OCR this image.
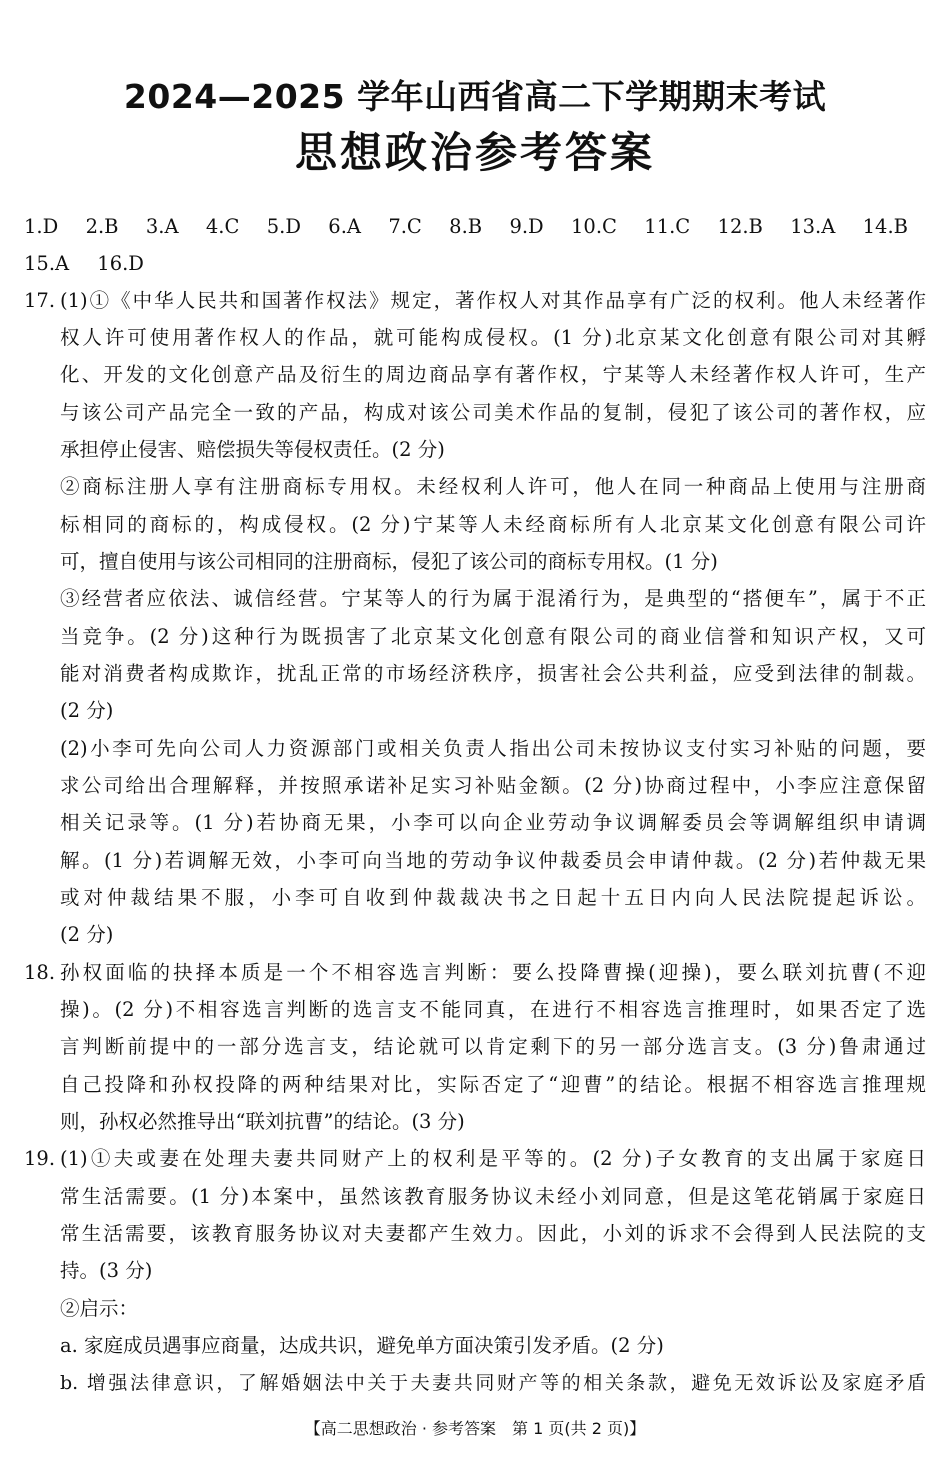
2024—2025 学年山西省高二下学期期末考试
思想政治参考答案
1.D 2.B 3.A 4.C 5.D 6.A 7.C 8.B 9.D 10.C 11.C 12.B 13.A 14.B
15.A 16.D
17. (1)①《中华人民共和国著作权法》规定，著作权人对其作品享有广泛的权利。他人未经著作
权人许可使用著作权人的作品，就可能构成侵权。(1 分)北京某文化创意有限公司对其孵
化、开发的文化创意产品及衍生的周边商品享有著作权，宁某等人未经著作权人许可，生产
与该公司产品完全一致的产品，构成对该公司美术作品的复制，侵犯了该公司的著作权，应
承担停止侵害、赔偿损失等侵权责任。(2 分)
②商标注册人享有注册商标专用权。未经权利人许可，他人在同一种商品上使用与注册商
标相同的商标的，构成侵权。(2 分)宁某等人未经商标所有人北京某文化创意有限公司许
可，擅自使用与该公司相同的注册商标，侵犯了该公司的商标专用权。(1 分)
③经营者应依法、诚信经营。宁某等人的行为属于混淆行为，是典型的“搭便车”，属于不正
当竞争。(2 分)这种行为既损害了北京某文化创意有限公司的商业信誉和知识产权，又可
能对消费者构成欺诈，扰乱正常的市场经济秩序，损害社会公共利益，应受到法律的制裁。
(2 分)
(2)小李可先向公司人力资源部门或相关负责人指出公司未按协议支付实习补贴的问题，要
求公司给出合理解释，并按照承诺补足实习补贴金额。(2 分)协商过程中，小李应注意保留
相关记录等。(1 分)若协商无果，小李可以向企业劳动争议调解委员会等调解组织申请调
解。(1 分)若调解无效，小李可向当地的劳动争议仲裁委员会申请仲裁。(2 分)若仲裁无果
或对仲裁结果不服，小李可自收到仲裁裁决书之日起十五日内向人民法院提起诉讼。
(2 分)
18. 孙权面临的抉择本质是一个不相容选言判断：要么投降曹操(迎操)，要么联刘抗曹(不迎
操)。(2 分)不相容选言判断的选言支不能同真，在进行不相容选言推理时，如果否定了选
言判断前提中的一部分选言支，结论就可以肯定剩下的另一部分选言支。(3 分)鲁肃通过
自己投降和孙权投降的两种结果对比，实际否定了“迎曹”的结论。根据不相容选言推理规
则，孙权必然推导出“联刘抗曹”的结论。(3 分)
19. (1)①夫或妻在处理夫妻共同财产上的权利是平等的。(2 分)子女教育的支出属于家庭日
常生活需要。(1 分)本案中，虽然该教育服务协议未经小刘同意，但是这笔花销属于家庭日
常生活需要，该教育服务协议对夫妻都产生效力。因此，小刘的诉求不会得到人民法院的支
持。(3 分)
②启示：
a. 家庭成员遇事应商量，达成共识，避免单方面决策引发矛盾。(2 分)
b. 增强法律意识，了解婚姻法中关于夫妻共同财产等的相关条款，避免无效诉讼及家庭矛盾
【高二思想政治 · 参考答案　第 1 页(共 2 页)】
